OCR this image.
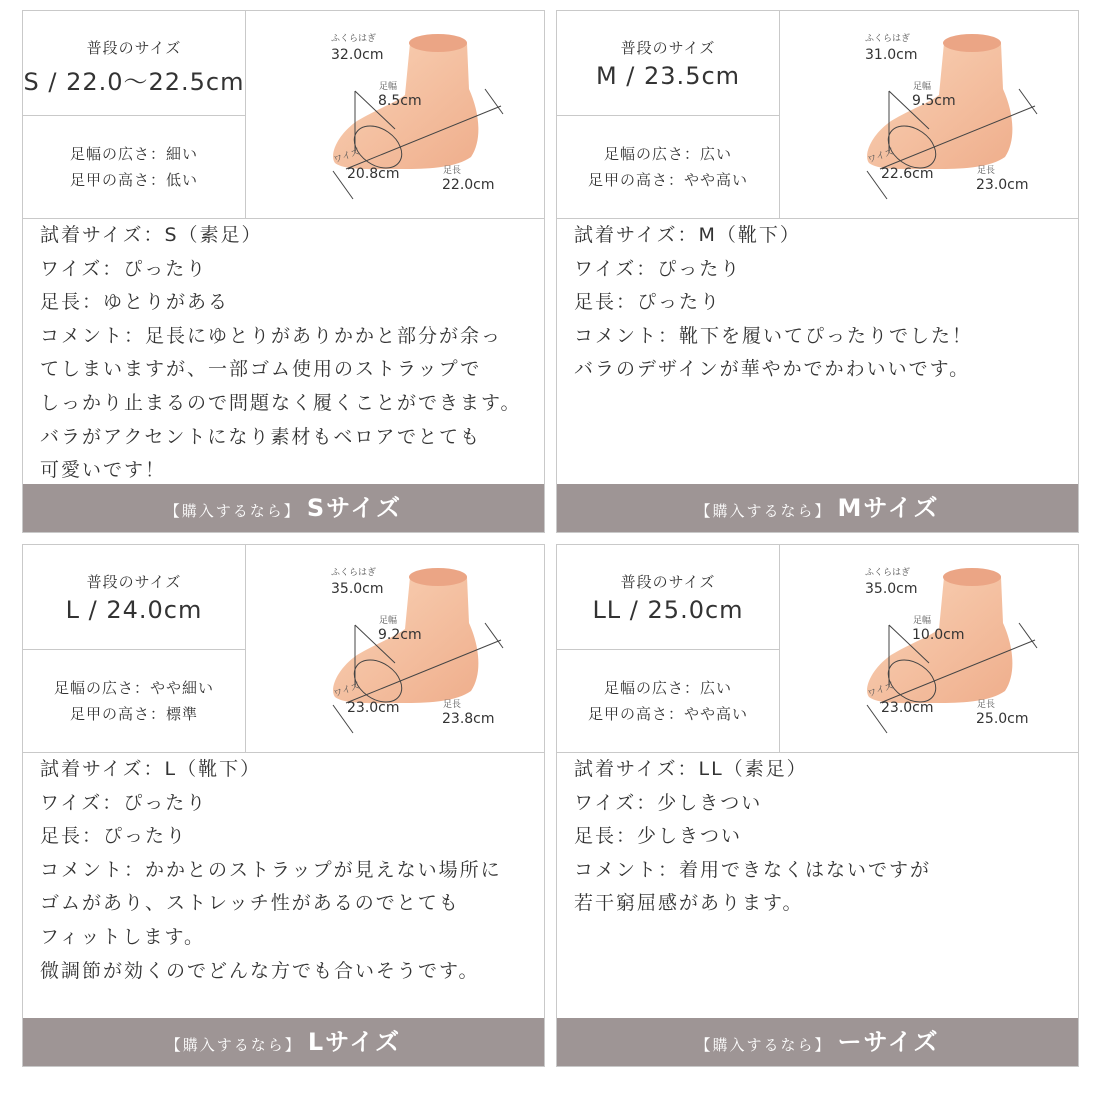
普段のサイズ
S / 22.0〜22.5cm
足幅の広さ：細い
足甲の高さ：低い
ふくらはぎ
32.0cm
足幅
8.5cm
ワイズ
20.8cm	足長
22.0cm
試着サイズ：S（素足）
ワイズ：ぴったり
足長：ゆとりがある
コメント：足長にゆとりがありかかと部分が余っ
てしまいますが、一部ゴム使用のストラップで
しっかり止まるので問題なく履くことができます。
バラがアクセントになり素材もベロアでとても
可愛いです！
【購入するなら】 Sサイズ
普段のサイズ
M / 23.5cm
足幅の広さ：広い
足甲の高さ：やや高い
ふくらはぎ
31.0cm
足幅
9.5cm
ワイズ
22.6cm	足長
23.0cm
試着サイズ：M（靴下）
ワイズ：ぴったり
足長：ぴったり
コメント：靴下を履いてぴったりでした！
バラのデザインが華やかでかわいいです。
【購入するなら】 Mサイズ
普段のサイズ
L / 24.0cm
足幅の広さ：やや細い
足甲の高さ：標準
ふくらはぎ
35.0cm
足幅
9.2cm
ワイズ
23.0cm	足長
23.8cm
試着サイズ：L（靴下）
ワイズ：ぴったり
足長：ぴったり
コメント：かかとのストラップが見えない場所に
ゴムがあり、ストレッチ性があるのでとても
フィットします。
微調節が効くのでどんな方でも合いそうです。
【購入するなら】 Lサイズ
普段のサイズ
LL / 25.0cm
足幅の広さ：広い
足甲の高さ：やや高い
ふくらはぎ
35.0cm
足幅
10.0cm
ワイズ
23.0cm	足長
25.0cm
試着サイズ：LL（素足）
ワイズ：少しきつい
足長：少しきつい
コメント：着用できなくはないですが
若干窮屈感があります。
【購入するなら】 ーサイズ
